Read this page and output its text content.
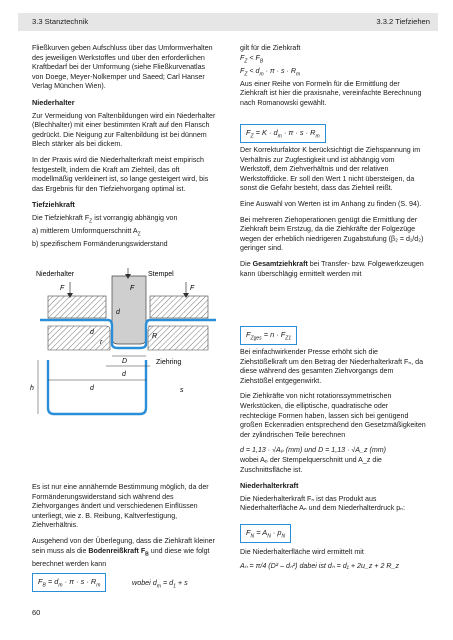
3.3 Stanztechnik	3.3.2 Tiefziehen

Fließkurven geben Aufschluss über das Umformverhalten des jeweiligen Werkstoffes und über den erforderlichen Kraftbedarf bei der Umformung (siehe Fließkurvenatlas von Doege, Meyer-Nolkemper und Saeed; Carl Hanser Verlag München Wien).

Niederhalter

Zur Vermeidung von Faltenbildungen wird ein Niederhalter (Blechhalter) mit einer bestimmten Kraft auf den Flansch gedrückt. Die Neigung zur Faltenbildung ist bei dünnem Blech stärker als bei dickem.

In der Praxis wird die Niederhalterkraft meist empirisch festgestellt, indem die Kraft am Ziehteil, das oft modellmäßig verkleinert ist, so lange gesteigert wird, bis das Ergebnis für den Tiefziehvorgang optimal ist.

Tiefziehkraft
Die Tiefziehkraft $F_Z$ ist vorrangig abhängig von
a) mittlerem Umformquerschnitt $A_Z$
b) spezifischem Formänderungswiderstand
Niederhalter	Stempel
F	F	F
d
d
D
d
d
Ziehring
s
h
R
r

Es ist nur eine annähernde Bestimmung möglich, da der Formänderungswiderstand sich während des Ziehvorganges ändert und verschiedenen Einflüssen unterliegt, wie z. B. Reibung, Kaltverfestigung, Ziehverhältnis.

Ausgehend von der Überlegung, dass die Ziehkraft kleiner sein muss als die Bodenreißkraft $F_B$ und diese wie folgt berechnet werden kann

$F_B = d_m \cdot \pi \cdot s \cdot R_m$	wobei $d_m = d_1 + s$
gilt für die Ziehkraft
$F_Z < F_B$
$F_Z < d_m \cdot \pi \cdot s \cdot R_m$

Aus einer Reihe von Formeln für die Ermittlung der Ziehkraft ist hier die praxisnahe, vereinfachte Berechnung nach Romanowski gewählt.

$F_Z = K \cdot d_m \cdot \pi \cdot s \cdot R_m$

Der Korrekturfaktor K berücksichtigt die Ziehspannung im Verhältnis zur Zugfestigkeit und ist abhängig vom Werkstoff, dem Ziehverhältnis und der relativen Werkstoffdicke. Er soll den Wert 1 nicht übersteigen, da sonst die Gefahr besteht, dass das Ziehteil reißt.

Eine Auswahl von Werten ist im Anhang zu finden (S. 94).

Bei mehreren Ziehoperationen genügt die Ermittlung der Ziehkraft beim Erstzug, da die Ziehkräfte der Folgezüge wegen der erheblich niedrigeren Zugabstufung (β₂ = d₁/d₂) geringer sind.

Die Gesamtziehkraft bei Transfer- bzw. Folgewerkzeugen kann überschlägig ermittelt werden mit

$F_{Zges} = n \cdot F_{Z1}$

Bei einfachwirkender Presse erhöht sich die Ziehstößelkraft um den Betrag der Niederhalterkraft Fₙ, da diese während des gesamten Ziehvorgangs dem Ziehstößel entgegenwirkt.

Die Ziehkräfte von nicht rotationssymmetrischen Werkstücken, die elliptische, quadratische oder rechteckige Formen haben, lassen sich bei genügend großen Eckenradien entsprechend den Gesetzmäßigkeiten der zylindrischen Teile berechnen

d = 1,13 · √Aₚ (mm) und D = 1,13 · √A_z (mm)

wobei Aₚ der Stempelquerschnitt und A_z die Zuschnittsfläche ist.

Niederhalterkraft

Die Niederhalterkraft Fₙ ist das Produkt aus Niederhalterfläche Aₙ und dem Niederhalterdruck pₙ:

$F_N = A_N \cdot p_N$
Die Niederhalterfläche wird ermittelt mit
Aₙ = π/4 (D² – dₙ²) dabei ist dₙ = d₁ + 2u_z + 2 R_z
60
